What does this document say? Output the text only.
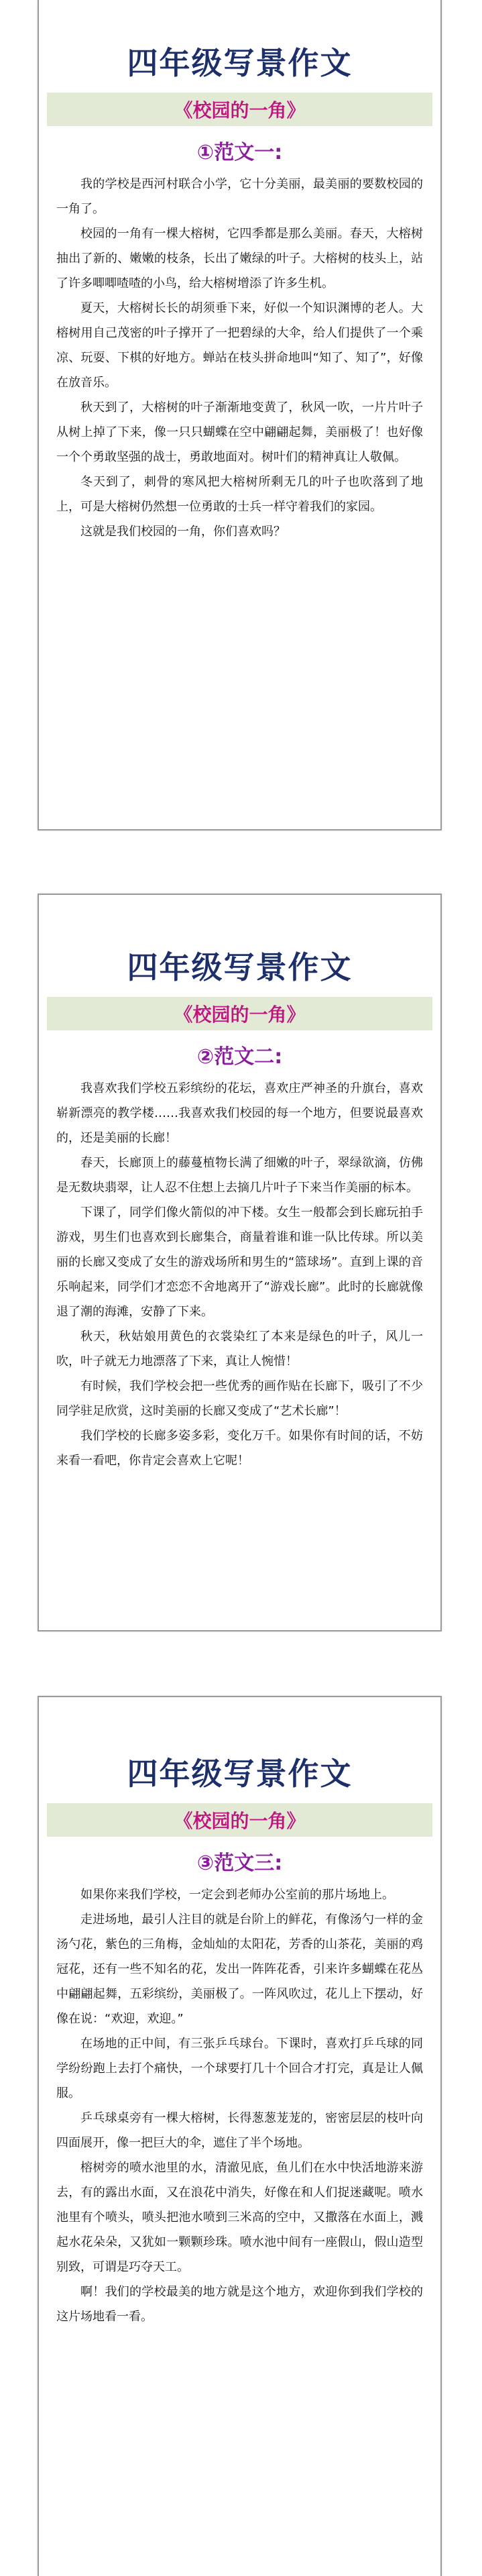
四年级写景作文
《校园的一角》
①范文一:

我的学校是西河村联合小学，它十分美丽，最美丽的要数校园的一角了。

校园的一角有一棵大榕树，它四季都是那么美丽。春天，大榕树抽出了新的、嫩嫩的枝条，长出了嫩绿的叶子。大榕树的枝头上，站了许多唧唧喳喳的小鸟，给大榕树增添了许多生机。

夏天，大榕树长长的胡须垂下来，好似一个知识渊博的老人。大榕树用自己茂密的叶子撑开了一把碧绿的大伞，给人们提供了一个乘凉、玩耍、下棋的好地方。蝉站在枝头拼命地叫“知了、知了”，好像在放音乐。

秋天到了，大榕树的叶子渐渐地变黄了，秋风一吹，一片片叶子从树上掉了下来，像一只只蝴蝶在空中翩翩起舞，美丽极了！也好像一个个勇敢坚强的战士，勇敢地面对。树叶们的精神真让人敬佩。

冬天到了，刺骨的寒风把大榕树所剩无几的叶子也吹落到了地上，可是大榕树仍然想一位勇敢的士兵一样守着我们的家园。

这就是我们校园的一角，你们喜欢吗？

四年级写景作文
《校园的一角》
②范文二:

我喜欢我们学校五彩缤纷的花坛，喜欢庄严神圣的升旗台，喜欢崭新漂亮的教学楼……我喜欢我们校园的每一个地方，但要说最喜欢的，还是美丽的长廊！

春天，长廊顶上的藤蔓植物长满了细嫩的叶子，翠绿欲滴，仿佛是无数块翡翠，让人忍不住想上去摘几片叶子下来当作美丽的标本。

下课了，同学们像火箭似的冲下楼。女生一般都会到长廊玩拍手游戏，男生们也喜欢到长廊集合，商量着谁和谁一队比传球。所以美丽的长廊又变成了女生的游戏场所和男生的“篮球场”。直到上课的音乐响起来，同学们才恋恋不舍地离开了“游戏长廊”。此时的长廊就像退了潮的海滩，安静了下来。

秋天，秋姑娘用黄色的衣裳染红了本来是绿色的叶子，风儿一吹，叶子就无力地漂落了下来，真让人惋惜！

有时候，我们学校会把一些优秀的画作贴在长廊下，吸引了不少同学驻足欣赏，这时美丽的长廊又变成了“艺术长廊”！

我们学校的长廊多姿多彩，变化万千。如果你有时间的话，不妨来看一看吧，你肯定会喜欢上它呢！

四年级写景作文
《校园的一角》
③范文三:

如果你来我们学校，一定会到老师办公室前的那片场地上。

走进场地，最引人注目的就是台阶上的鲜花，有像汤勺一样的金汤勺花，紫色的三角梅，金灿灿的太阳花，芳香的山茶花，美丽的鸡冠花，还有一些不知名的花，发出一阵阵花香，引来许多蝴蝶在花丛中翩翩起舞，五彩缤纷，美丽极了。一阵风吹过，花儿上下摆动，好像在说：“欢迎，欢迎。”

在场地的正中间，有三张乒乓球台。下课时，喜欢打乒乓球的同学纷纷跑上去打个痛快，一个球要打几十个回合才打完，真是让人佩服。

乒乓球桌旁有一棵大榕树，长得葱葱茏茏的，密密层层的枝叶向四面展开，像一把巨大的伞，遮住了半个场地。

榕树旁的喷水池里的水，清澈见底，鱼儿们在水中快活地游来游去，有的露出水面，又在浪花中消失，好像在和人们捉迷藏呢。喷水池里有个喷头，喷头把池水喷到三米高的空中，又撒落在水面上，溅起水花朵朵，又犹如一颗颗珍珠。喷水池中间有一座假山，假山造型别致，可谓是巧夺天工。

啊！我们的学校最美的地方就是这个地方，欢迎你到我们学校的这片场地看一看。
